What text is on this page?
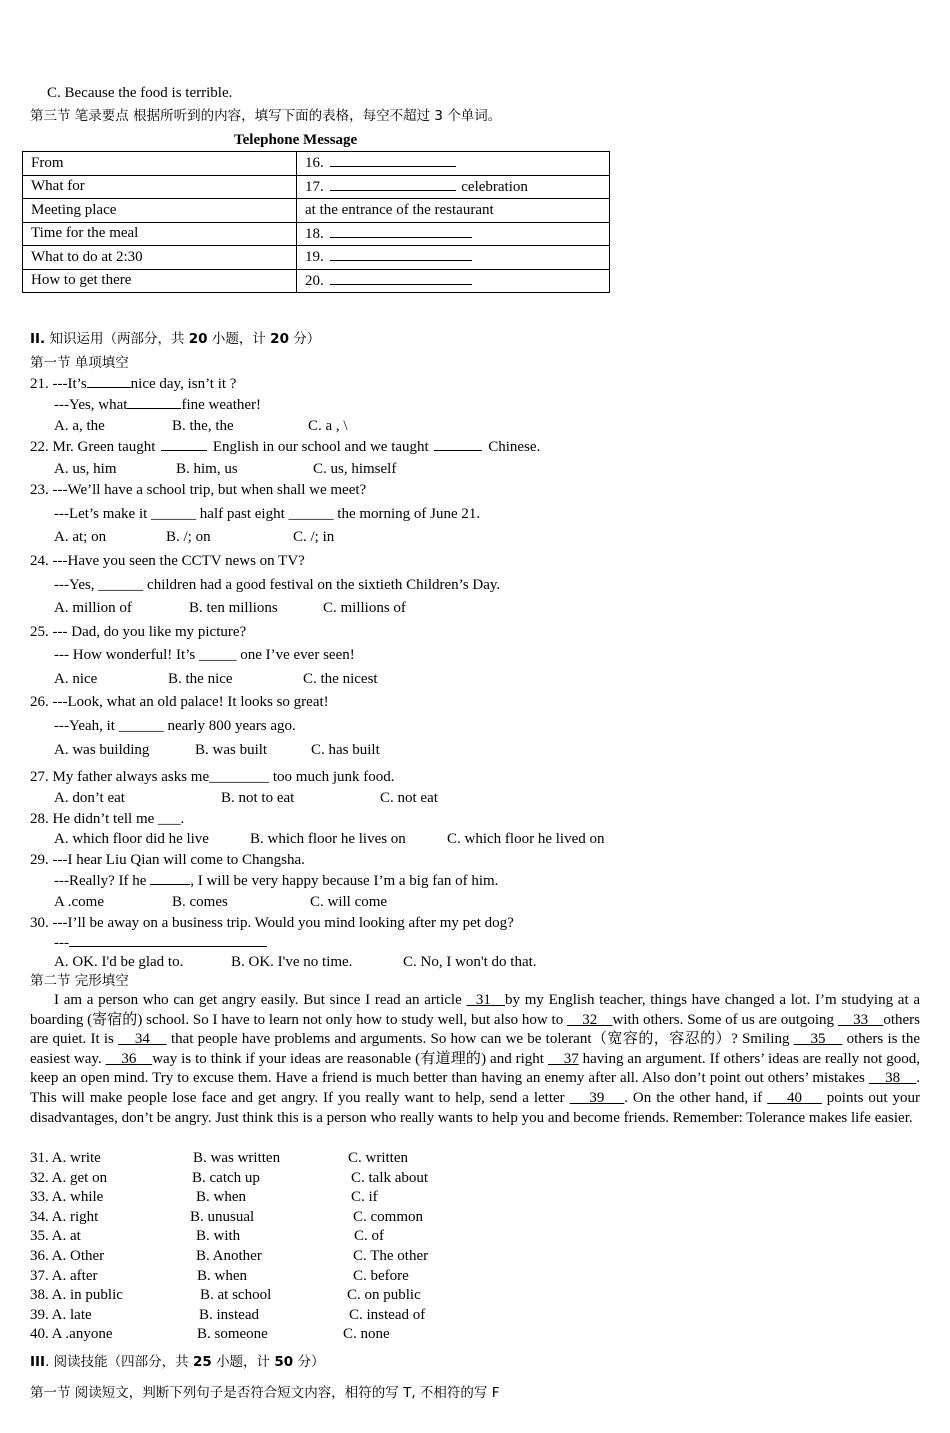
C. Because the food is terrible.
第三节 笔录要点 根据所听到的内容，填写下面的表格，每空不超过 3 个单词。
Telephone Message
From	16.
What for	17. celebration
Meeting place	at the entrance of the restaurant
Time for the meal	18.
What to do at 2:30	19.
How to get there	20.
II. 知识运用（两部分，共 20 小题，计 20 分）
第一节 单项填空
21. ---It’s	nice day, isn’t it ?
---Yes, what	fine weather!
A. a, the	B. the, the	C. a , \
22. Mr. Green taught	English in our school and we taught	Chinese.
A. us, him	B. him, us	C. us, himself
23. ---We’ll have a school trip, but when shall we meet?
---Let’s make it ______ half past eight ______ the morning of June 21.
A. at; on	B. /; on	C. /; in
24. ---Have you seen the CCTV news on TV?
---Yes, ______ children had a good festival on the sixtieth Children’s Day.
A. million of	B. ten millions	C. millions of
25. --- Dad, do you like my picture?
--- How wonderful! It’s _____ one I’ve ever seen!
A. nice	B. the nice	C. the nicest
26. ---Look, what an old palace! It looks so great!
---Yeah, it ______ nearly 800 years ago.
A. was building	B. was built	C. has built
27. My father always asks me________ too much junk food.
A. don’t eat	B. not to eat	C. not eat
28. He didn’t tell me ___.
A. which floor did he live	B. which floor he lives on	C. which floor he lived on
29. ---I hear Liu Qian will come to Changsha.
---Really? If he	, I will be very happy because I’m a big fan of him.
A .come	B. comes	C. will come
30. ---I’ll be away on a business trip. Would you mind looking after my pet dog?
---
A. OK. I'd be glad to.	B. OK. I've no time.	C. No, I won't do that.
第二节 完形填空
I am a person who can get angry easily. But since I read an article   31 by my English teacher, things have changed a lot. I’m studying at a boarding (寄宿的) school. So I have to learn not only how to study well, but also how to     32 with others. Some of us are outgoing     33 others are quiet. It is     34     that people have problems and arguments. So how can we be tolerant（宽容的，容忍的）? Smiling     35     others is the easiest way.     36 way is to think if your ideas are reasonable (有道理的) and right     37 having an argument. If others’ ideas are really not good, keep an open mind. Try to excuse them. Have a friend is much better than having an enemy after all. Also don’t point out others’ mistakes     38 . This will make people lose face and get angry. If you really want to help, send a letter     39 . On the other hand, if     40     points out your disadvantages, don’t be angry. Just think this is a person who really wants to help you and become friends. Remember: Tolerance makes life easier.
31. A. write	B. was written	C. written
32. A. get on	B. catch up	C. talk about
33. A. while	B. when	C. if
34. A. right	B. unusual	C. common
35. A. at	B. with	C. of
36. A. Other	B. Another	C. The other
37. A. after	B. when	C. before
38. A. in public	B. at school	C. on public
39. A. late	B. instead	C. instead of
40. A .anyone	B. someone	C. none
III. 阅读技能（四部分，共 25 小题，计 50 分）
第一节 阅读短文，判断下列句子是否符合短文内容，相符的写 T, 不相符的写 F
